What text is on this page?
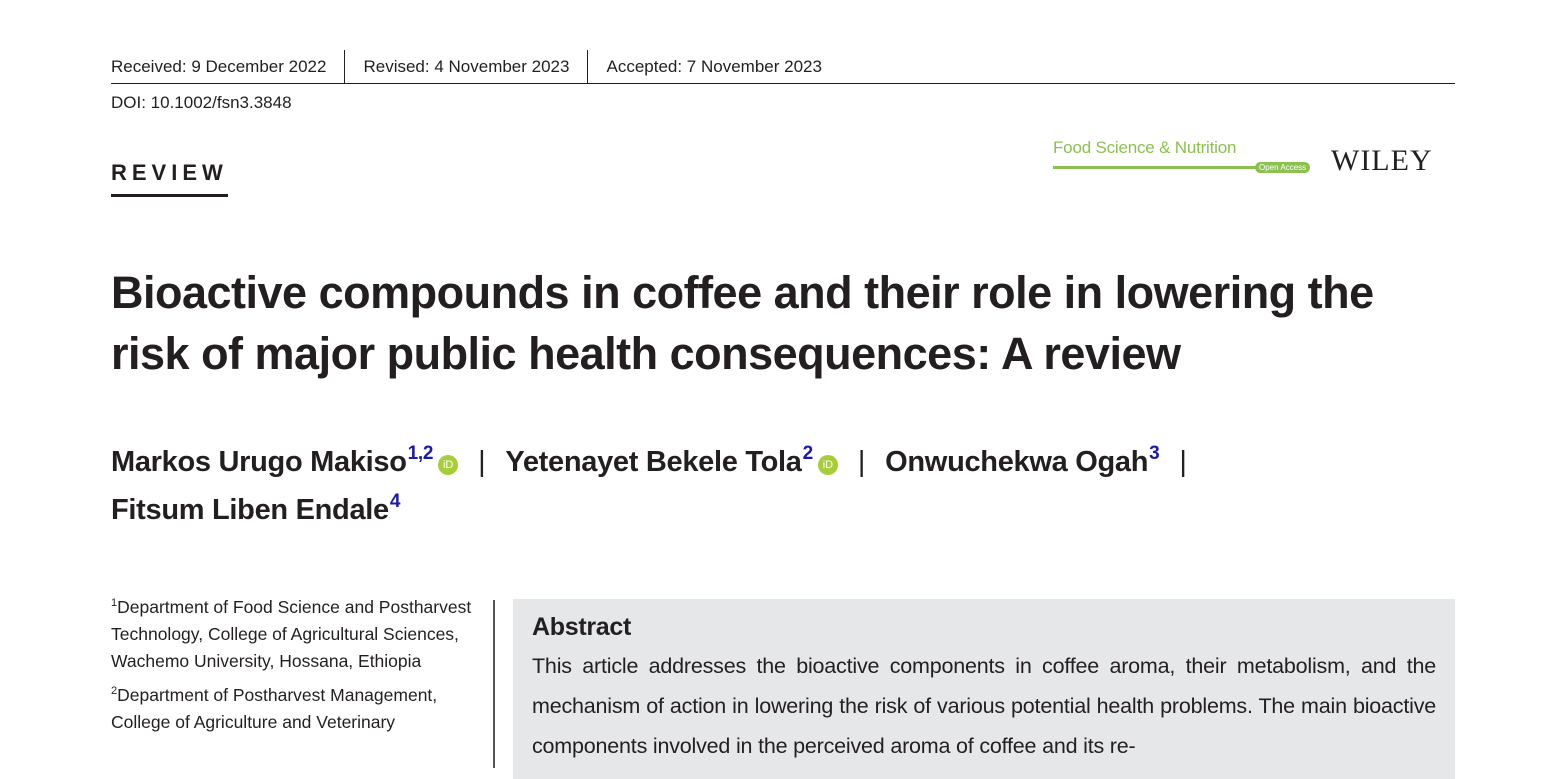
Received: 9 December 2022	Revised: 4 November 2023	Accepted: 7 November 2023
DOI: 10.1002/fsn3.3848
REVIEW
Food Science & Nutrition
Open Access WILEY
Bioactive compounds in coffee and their role in lowering the risk of major public health consequences: A review
Markos Urugo Makiso$^{1,2}$iD | Yetenayet Bekele Tola$^2$iD | Onwuchekwa Ogah$^3$ |
Fitsum Liben Endale$^4$
$^1$Department of Food Science and Postharvest Technology, College of Agricultural Sciences, Wachemo University, Hossana, Ethiopia
$^2$Department of Postharvest Management, College of Agriculture and Veterinary
Abstract

This article addresses the bioactive components in coffee aroma, their metabolism, and the mechanism of action in lowering the risk of various potential health problems. The main bioactive components involved in the perceived aroma of coffee and its re-
